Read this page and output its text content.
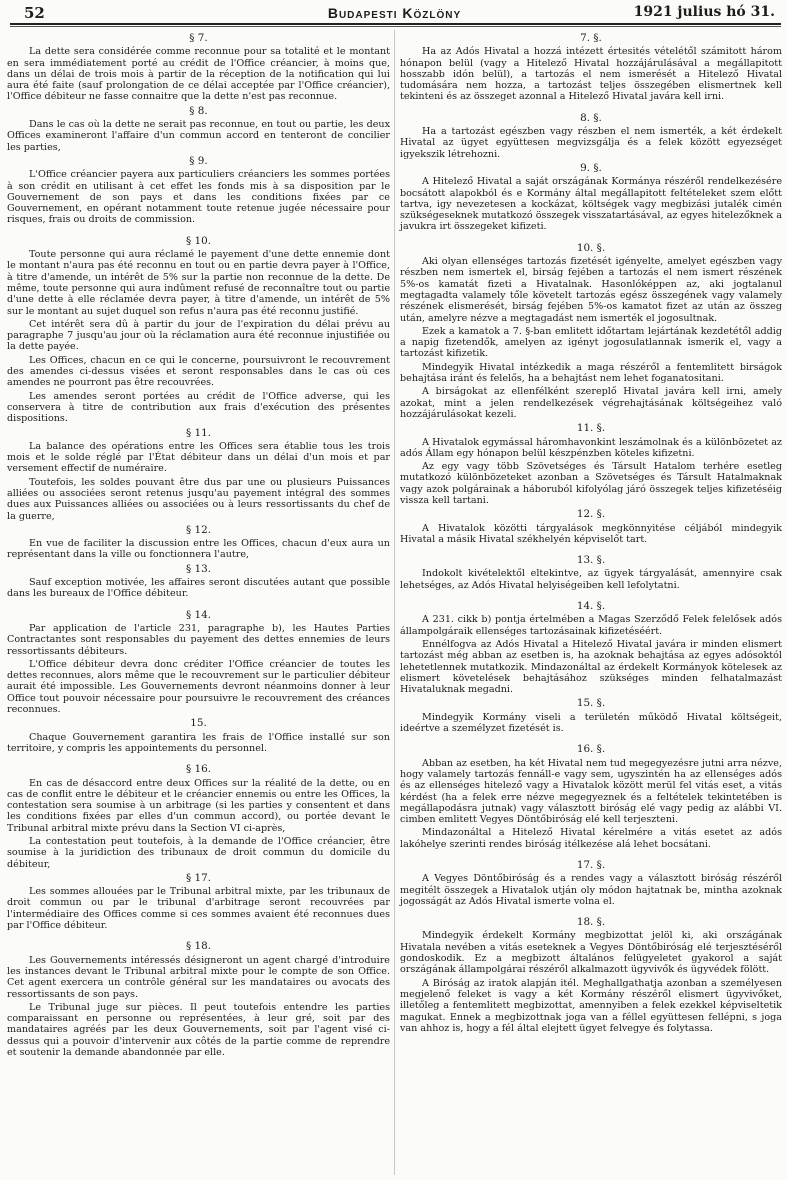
52	Budapesti Közlöny	1921 julius hó 31.
§ 7.

La dette sera considérée comme reconnue pour sa totalité et le montant en sera immédiatement porté au crédit de l'Office créancier, à moins que, dans un délai de trois mois à partir de la réception de la notification qui lui aura été faite (sauf prolongation de ce délai acceptée par l'Office créancier), l'Office débiteur ne fasse connaitre que la dette n'est pas reconnue.

§ 8.

Dans le cas où la dette ne serait pas reconnue, en tout ou partie, les deux Offices examineront l'affaire d'un commun accord en tenteront de concilier les parties,

§ 9.

L'Office créancier payera aux particuliers créanciers les sommes portées à son crédit en utilisant à cet effet les fonds mis à sa disposition par le Gouvernement de son pays et dans les conditions fixées par ce Gouvernement, en opérant notamment toute retenue jugée nécessaire pour risques, frais ou droits de commission.

§ 10.

Toute personne qui aura réclamé le payement d'une dette ennemie dont le montant n'aura pas été reconnu en tout ou en partie devra payer à l'Office, à titre d'amende, un intérêt de 5% sur la partie non reconnue de la dette. De même, toute personne qui aura indûment refusé de reconnaître tout ou partie d'une dette à elle réclamée devra payer, à titre d'amende, un intérêt de 5% sur le montant au sujet duquel son refus n'aura pas été reconnu justifié.

Cet intérêt sera dû à partir du jour de l'expiration du délai prévu au paragraphe 7 jusqu'au jour où la réclamation aura été reconnue injustifiée ou la dette payée.

Les Offices, chacun en ce qui le concerne, poursuivront le recouvrement des amendes ci-dessus visées et seront responsables dans le cas où ces amendes ne pourront pas être recouvrées.

Les amendes seront portées au crédit de l'Office adverse, qui les conservera à titre de contribution aux frais d'exécution des présentes dispositions.

§ 11.

La balance des opérations entre les Offices sera établie tous les trois mois et le solde réglé par l'État débiteur dans un délai d'un mois et par versement effectif de numéraire.

Toutefois, les soldes pouvant être dus par une ou plusieurs Puissances alliées ou associées seront retenus jusqu'au payement intégral des sommes dues aux Puissances alliées ou associées ou à leurs ressortissants du chef de la guerre,

§ 12.

En vue de faciliter la discussion entre les Offices, chacun d'eux aura un représentant dans la ville ou fonctionnera l'autre,

§ 13.

Sauf exception motivée, les affaires seront discutées autant que possible dans les bureaux de l'Office débiteur.

§ 14.

Par application de l'article 231, paragraphe b), les Hautes Parties Contractantes sont responsables du payement des dettes ennemies de leurs ressortissants débiteurs.

L'Office débiteur devra donc créditer l'Office créancier de toutes les dettes reconnues, alors même que le recouvrement sur le particulier débiteur aurait été impossible. Les Gouvernements devront néanmoins donner à leur Office tout pouvoir nécessaire pour poursuivre le recouvrement des créances reconnues.

15.

Chaque Gouvernement garantira les frais de l'Office installé sur son territoire, y compris les appointements du personnel.

§ 16.

En cas de désaccord entre deux Offices sur la réalité de la dette, ou en cas de conflit entre le débiteur et le créancier ennemis ou entre les Offices, la contestation sera soumise à un arbitrage (si les parties y consentent et dans les conditions fixées par elles d'un commun accord), ou portée devant le Tribunal arbitral mixte prévu dans la Section VI ci-après,

La contestation peut toutefois, à la demande de l'Office créancier, être soumise à la juridiction des tribunaux de droit commun du domicile du débiteur,

§ 17.

Les sommes allouées par le Tribunal arbitral mixte, par les tribunaux de droit commun ou par le tribunal d'arbitrage seront recouvrées par l'intermédiaire des Offices comme si ces sommes avaient été reconnues dues par l'Office débiteur.

§ 18.

Les Gouvernements intéressés désigneront un agent chargé d'introduire les instances devant le Tribunal arbitral mixte pour le compte de son Office. Cet agent exercera un contrôle général sur les mandataires ou avocats des ressortissants de son pays.

Le Tribunal juge sur pièces. Il peut toutefois entendre les parties comparaissant en personne ou représentées, à leur gré, soit par des mandataires agréés par les deux Gouvernements, soit par l'agent visé ci-dessus qui a pouvoir d'intervenir aux côtés de la partie comme de reprendre et soutenir la demande abandonnée par elle.

7. §.

Ha az Adós Hivatal a hozzá intézett értesités vételétől számitott három hónapon belül (vagy a Hitelező Hivatal hozzájárulásával a megállapitott hosszabb idón belül), a tartozás el nem ismerését a Hitelező Hivatal tudomására nem hozza, a tartozást teljes összegében elismertnek kell tekinteni és az összeget azonnal a Hitelező Hivatal javára kell irni.

8. §.

Ha a tartozást egészben vagy részben el nem ismerték, a két érdekelt Hivatal az ügyet együttesen megvizsgálja és a felek között egyezséget igyekszik létrehozni.

9. §.

A Hitelező Hivatal a saját országának Kormánya részéről rendelkezésére bocsátott alapokból és e Kormány által megállapitott feltételeket szem előtt tartva, igy nevezetesen a kockázat, költségek vagy megbizási jutalék cimén szükségeseknek mutatkozó összegek visszatartásával, az egyes hitelezőknek a javukra irt összegeket kifizeti.

10. §.

Aki olyan ellenséges tartozás fizetését igényelte, amelyet egészben vagy részben nem ismertek el, birság fejében a tartozás el nem ismert részének 5%-os kamatát fizeti a Hivatalnak. Hasonlóképpen az, aki jogtalanul megtagadta valamely tőle követelt tartozás egész összegének vagy valamely részének elismerését, birság fejében 5%-os kamatot fizet az után az összeg után, amelyre nézve a megtagadást nem ismerték el jogosultnak.

Ezek a kamatok a 7. §-ban emlitett időtartam lejártának kezdetétől addig a napig fizetendők, amelyen az igényt jogosulatlannak ismerik el, vagy a tartozást kifizetik.

Mindegyik Hivatal intézkedik a maga részéről a fentemlitett birságok behajtása iránt és felelős, ha a behajtást nem lehet foganatositani.

A birságokat az ellenfélként szereplő Hivatal javára kell irni, amely azokat, mint a jelen rendelkezések végrehajtásának költségeihez való hozzájárulásokat kezeli.

11. §.

A Hivatalok egymással háromhavonkint leszámolnak és a különbözetet az adós Állam egy hónapon belül készpénzben köteles kifizetni.

Az egy vagy több Szövetséges és Társult Hatalom terhére esetleg mutatkozó különbözeteket azonban a Szövetséges és Társult Hatalmaknak vagy azok polgárainak a háboruból kifolyólag járó összegek teljes kifizetéséig vissza kell tartani.

12. §.

A Hivatalok közötti tárgyalások megkönnyitése céljából mindegyik Hivatal a másik Hivatal székhelyén képviselőt tart.

13. §.

Indokolt kivételektől eltekintve, az ügyek tárgyalását, amennyire csak lehetséges, az Adós Hivatal helyiségeiben kell lefolytatni.

14. §.

A 231. cikk b) pontja értelmében a Magas Szerződő Felek felelősek adós állampolgáraik ellenséges tartozásainak kifizetéséért.

Ennélfogva az Adós Hivatal a Hitelező Hivatal javára ir minden elismert tartozást még abban az esetben is, ha azoknak behajtása az egyes adósoktól lehetetlennek mutatkozik. Mindazonáltal az érdekelt Kormányok kötelesek az elismert követelések behajtásához szükséges minden felhatalmazást Hivataluknak megadni.

15. §.

Mindegyik Kormány viseli a területén működő Hivatal költségeit, ideértve a személyzet fizetését is.

16. §.

Abban az esetben, ha két Hivatal nem tud megegyezésre jutni arra nézve, hogy valamely tartozás fennáll-e vagy sem, ugyszintén ha az ellenséges adós és az ellenséges hitelező vagy a Hivatalok között merül fel vitás eset, a vitás kérdést (ha a felek erre nézve megegyeznek és a feltételek tekintetében is megállapodásra jutnak) vagy választott biróság elé vagy pedig az alábbi VI. cimben emlitett Vegyes Döntőbiróság elé kell terjeszteni.

Mindazonáltal a Hitelező Hivatal kérelmére a vitás esetet az adós lakóhelye szerinti rendes biróság itélkezése alá lehet bocsátani.

17. §.

A Vegyes Döntőbiróság és a rendes vagy a választott biróság részéről megitélt összegek a Hivatalok utján oly módon hajtatnak be, mintha azoknak jogosságát az Adós Hivatal ismerte volna el.

18. §.

Mindegyik érdekelt Kormány megbizottat jelöl ki, aki országának Hivatala nevében a vitás eseteknek a Vegyes Döntőbiróság elé terjesztéséről gondoskodik. Ez a megbizott általános felügyeletet gyakorol a saját országának állampolgárai részéről alkalmazott ügyvivők és ügyvédek fölött.

A Biróság az iratok alapján itél. Meghallgathatja azonban a személyesen megjelenő feleket is vagy a két Kormány részéről elismert ügyvivőket, illetőleg a fentemlitett megbizottat, amennyiben a felek ezekkel képviseltetik magukat. Ennek a megbizottnak joga van a féllel együttesen fellépni, s joga van ahhoz is, hogy a fél által elejtett ügyet felvegye és folytassa.
